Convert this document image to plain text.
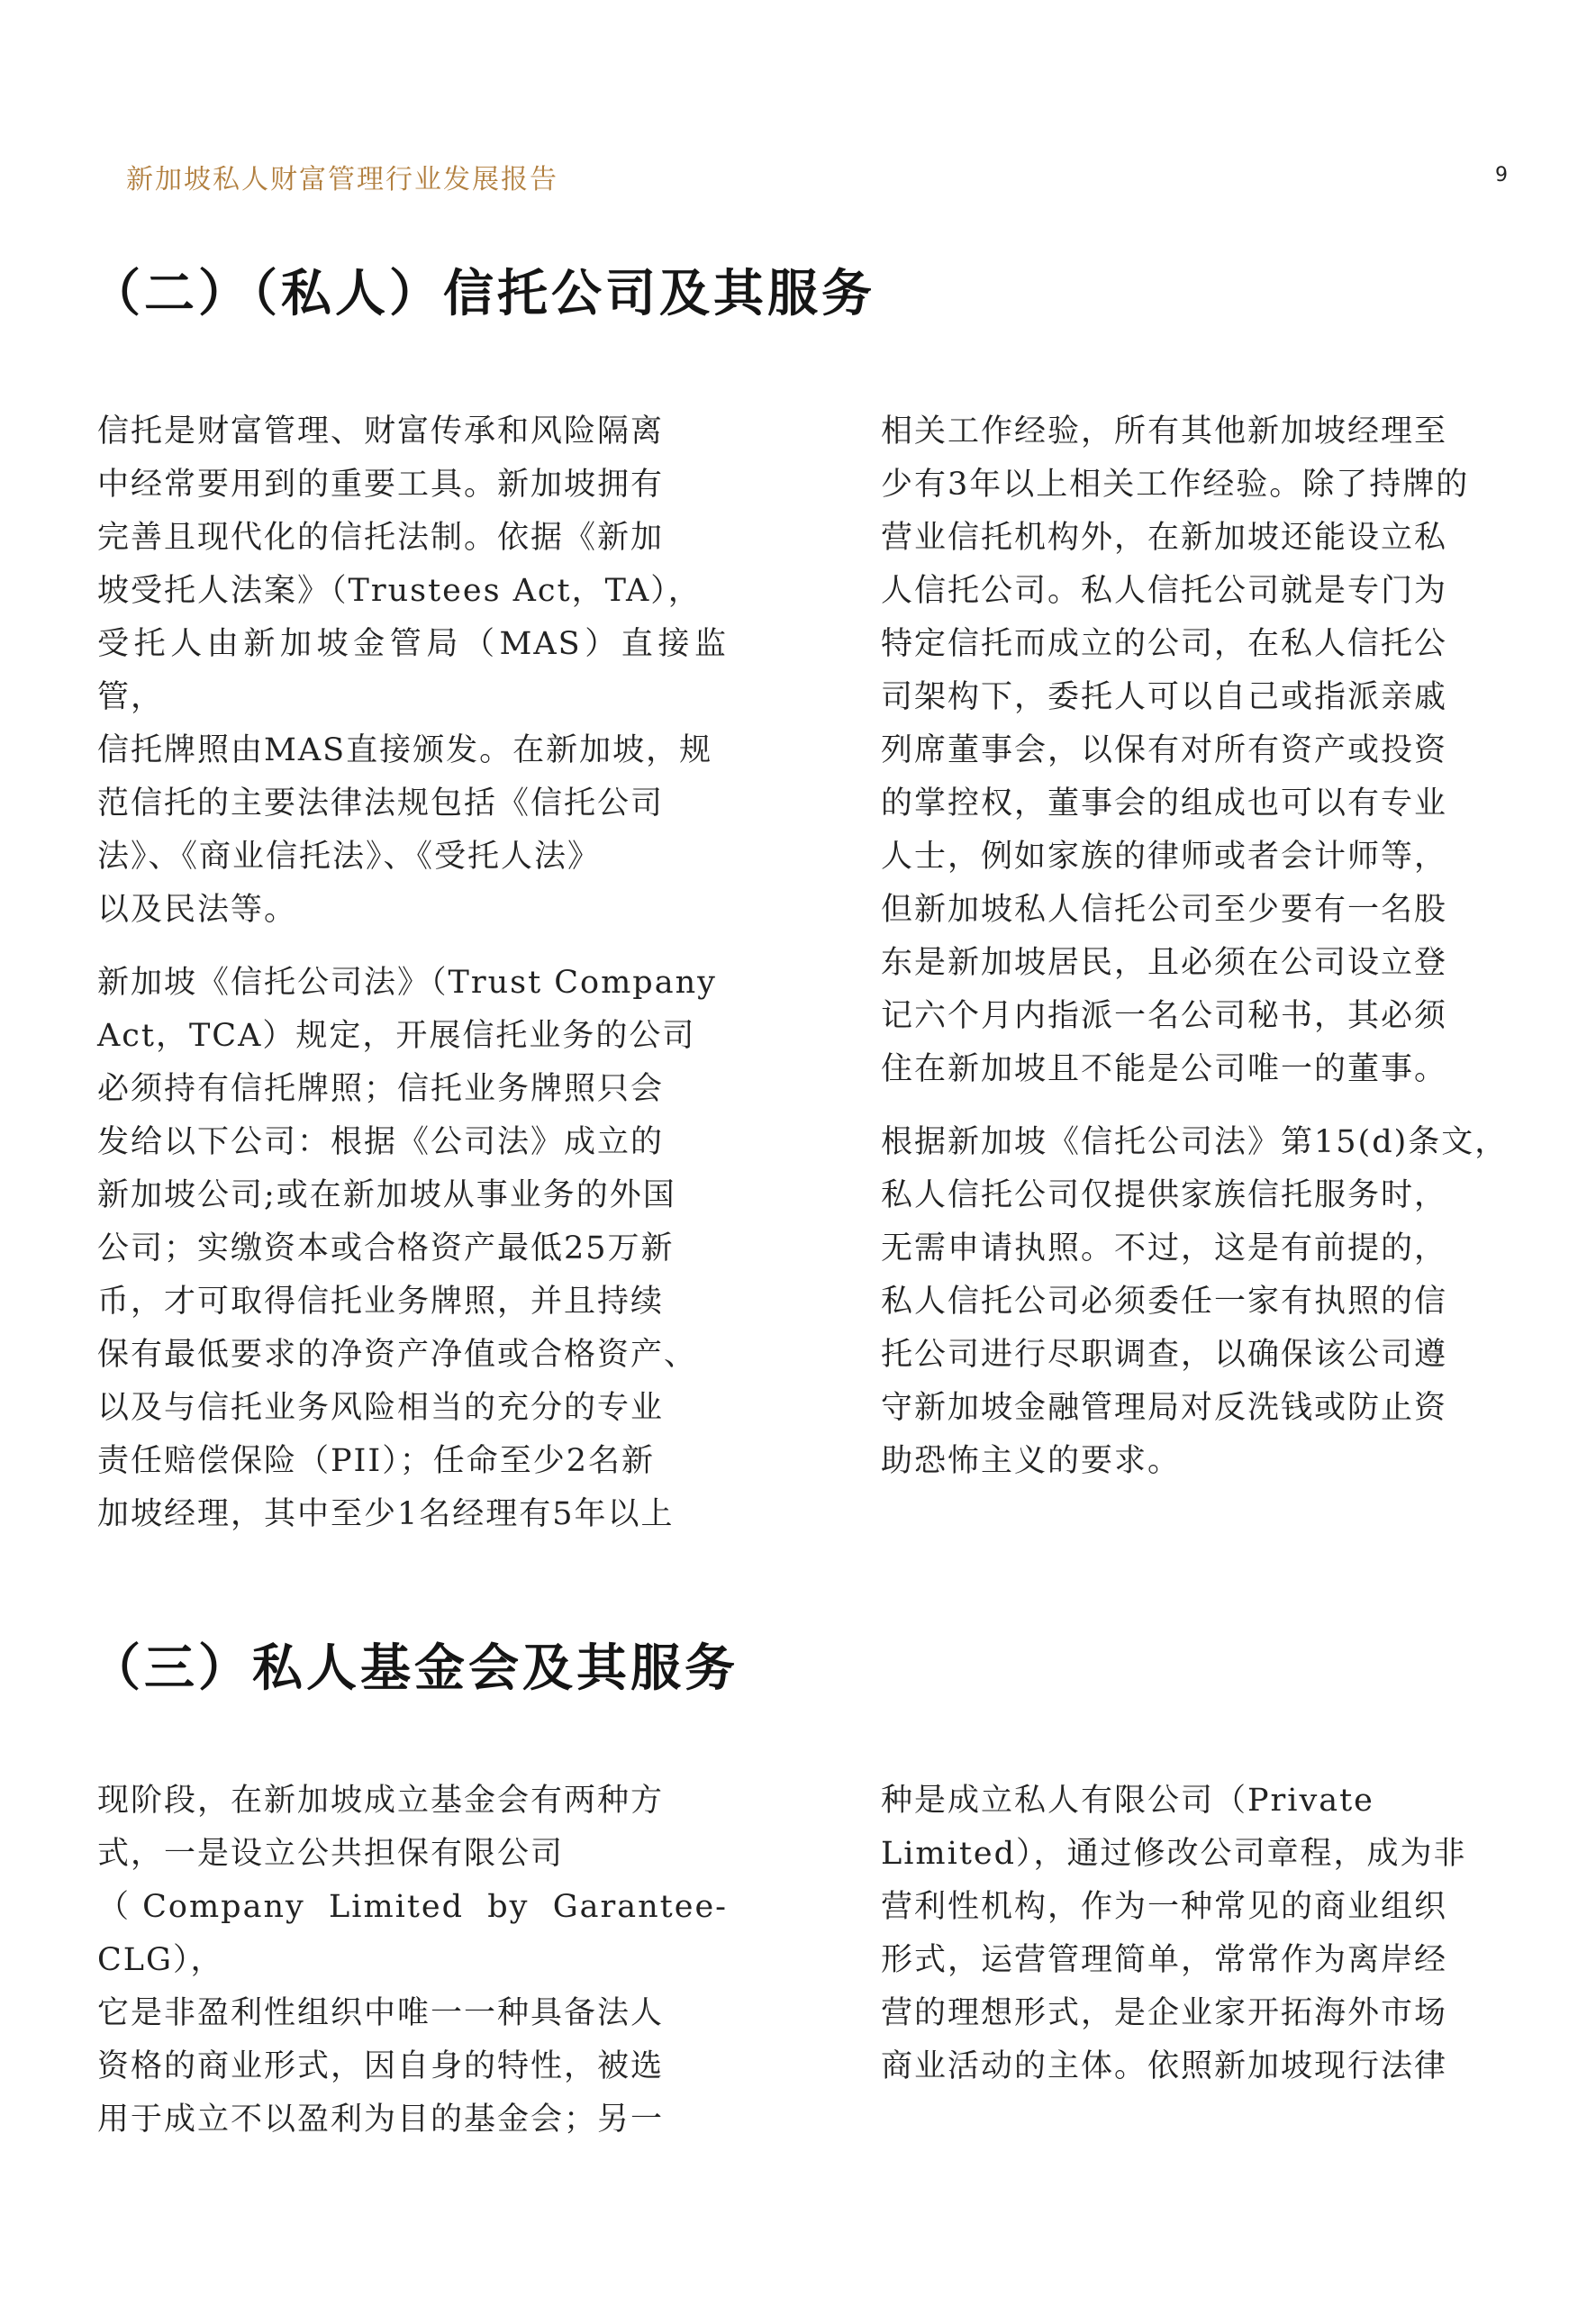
新加坡私人财富管理行业发展报告	9
（二）（私人）信托公司及其服务

信托是财富管理、财富传承和风险隔离
中经常要用到的重要工具。新加坡拥有
完善且现代化的信托法制。依据《新加
坡受托人法案》（Trustees Act，TA），
受托人由新加坡金管局（MAS）直接监管，
信托牌照由MAS直接颁发。在新加坡，规
范信托的主要法律法规包括《信托公司
法》、《商业信托法》、《受托人法》
以及民法等。

新加坡《信托公司法》（Trust Company
Act，TCA）规定，开展信托业务的公司
必须持有信托牌照；信托业务牌照只会
发给以下公司：根据《公司法》成立的
新加坡公司;或在新加坡从事业务的外国
公司；实缴资本或合格资产最低25万新
币，才可取得信托业务牌照，并且持续
保有最低要求的净资产净值或合格资产、
以及与信托业务风险相当的充分的专业
责任赔偿保险（PII）；任命至少2名新
加坡经理，其中至少1名经理有5年以上

相关工作经验，所有其他新加坡经理至
少有3年以上相关工作经验。除了持牌的
营业信托机构外，在新加坡还能设立私
人信托公司。私人信托公司就是专门为
特定信托而成立的公司，在私人信托公
司架构下，委托人可以自己或指派亲戚
列席董事会，以保有对所有资产或投资
的掌控权，董事会的组成也可以有专业
人士，例如家族的律师或者会计师等，
但新加坡私人信托公司至少要有一名股
东是新加坡居民，且必须在公司设立登
记六个月内指派一名公司秘书，其必须
住在新加坡且不能是公司唯一的董事。

根据新加坡《信托公司法》第15(d)条文，
私人信托公司仅提供家族信托服务时，
无需申请执照。不过，这是有前提的，
私人信托公司必须委任一家有执照的信
托公司进行尽职调查，以确保该公司遵
守新加坡金融管理局对反洗钱或防止资
助恐怖主义的要求。

（三）私人基金会及其服务

现阶段，在新加坡成立基金会有两种方
式，一是设立公共担保有限公司
（Company Limited by Garantee-CLG），
它是非盈利性组织中唯一一种具备法人
资格的商业形式，因自身的特性，被选
用于成立不以盈利为目的基金会；另一

种是成立私人有限公司（Private
Limited），通过修改公司章程，成为非
营利性机构，作为一种常见的商业组织
形式，运营管理简单，常常作为离岸经
营的理想形式，是企业家开拓海外市场
商业活动的主体。依照新加坡现行法律
